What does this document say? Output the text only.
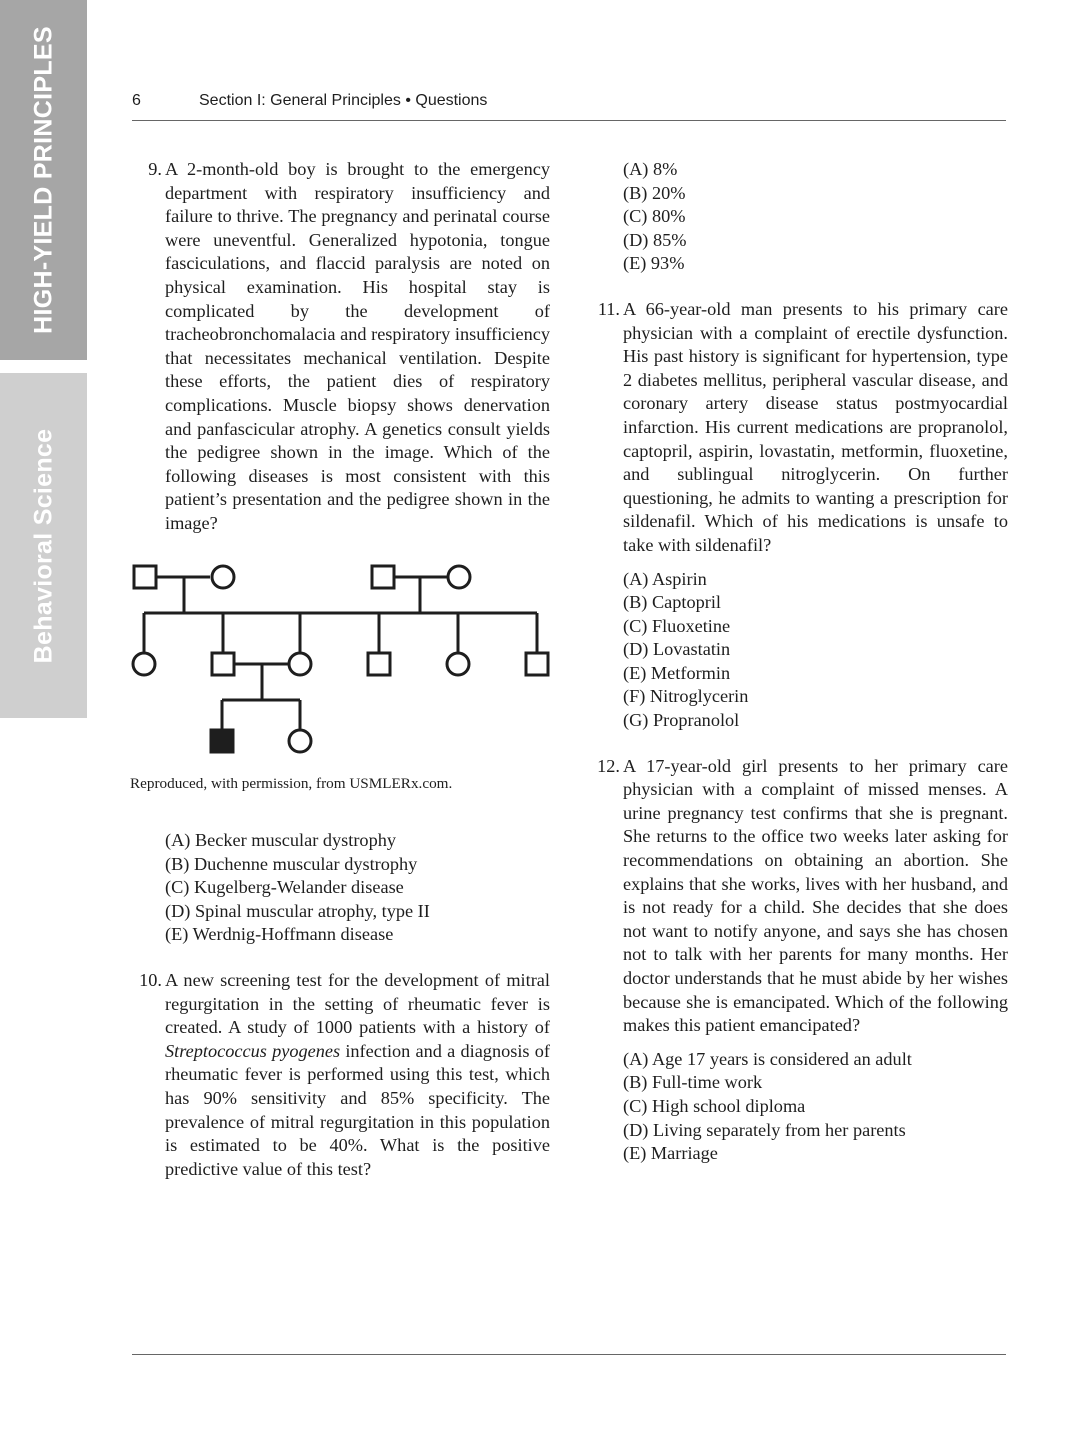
HIGH-YIELD PRINCIPLES
Behavioral Science
6	Section I: General Principles • Questions
9. A 2-month-old boy is brought to the emergency department with respiratory insufficiency and failure to thrive. The pregnancy and perinatal course were uneventful. Generalized hypotonia, tongue fasciculations, and flaccid paralysis are noted on physical examination. His hospital stay is complicated by the development of tracheobronchomalacia and respiratory insufficiency that necessitates mechanical ventilation. Despite these efforts, the patient dies of respiratory complications. Muscle biopsy shows denervation and panfascicular atrophy. A genetics consult yields the pedigree shown in the image. Which of the following diseases is most consistent with this patient’s presentation and the pedigree shown in the image?
Reproduced, with permission, from USMLERx.com.
(A) Becker muscular dystrophy
(B) Duchenne muscular dystrophy
(C) Kugelberg-Welander disease
(D) Spinal muscular atrophy, type II
(E) Werdnig-Hoffmann disease
10. A new screening test for the development of mitral regurgitation in the setting of rheumatic fever is created. A study of 1000 patients with a history of Streptococcus pyogenes infection and a diagnosis of rheumatic fever is performed using this test, which has 90% sensitivity and 85% specificity. The prevalence of mitral regurgitation in this population is estimated to be 40%. What is the positive predictive value of this test?
(A) 8%
(B) 20%
(C) 80%
(D) 85%
(E) 93%
11. A 66-year-old man presents to his primary care physician with a complaint of erectile dysfunction. His past history is significant for hypertension, type 2 diabetes mellitus, peripheral vascular disease, and coronary artery disease status postmyocardial infarction. His current medications are propranolol, captopril, aspirin, lovastatin, metformin, fluoxetine, and sublingual nitroglycerin. On further questioning, he admits to wanting a prescription for sildenafil. Which of his medications is unsafe to take with sildenafil?
(A) Aspirin
(B) Captopril
(C) Fluoxetine
(D) Lovastatin
(E) Metformin
(F) Nitroglycerin
(G) Propranolol
12. A 17-year-old girl presents to her primary care physician with a complaint of missed menses. A urine pregnancy test confirms that she is pregnant. She returns to the office two weeks later asking for recommendations on obtaining an abortion. She explains that she works, lives with her husband, and is not ready for a child. She decides that she does not want to notify anyone, and says she has chosen not to talk with her parents for many months. Her doctor understands that he must abide by her wishes because she is emancipated. Which of the following makes this patient emancipated?
(A) Age 17 years is considered an adult
(B) Full-time work
(C) High school diploma
(D) Living separately from her parents
(E) Marriage
